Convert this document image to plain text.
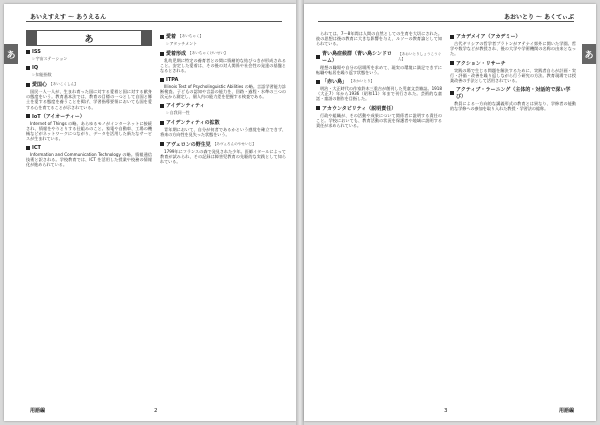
あいえすえす 〜 あうえるん
あ
あ
ISS
☞宇宙ステーション
IQ
☞知能指数
愛国心 【あいこくしん】
国民一人一人が、生まれ育った国に対する愛着と国に対する献身の態度をいう。教育基本法では、教育の目標の一つとして自国と郷土を愛する態度を養うことを掲げ、学習指導要領においても国を愛する心を育てることが示されている。
IoT（アイオーティー）
Internet of Things の略。あらゆるモノがインターネットに接続され、情報をやりとりする仕組みのこと。家電や自動車、工場の機械などがネットワークにつながり、データを活用した新たなサービスが生まれている。
ICT
Information and Communication Technology の略。情報通信技術と訳される。学校教育では、ICT を活用した授業や校務の情報化が進められている。
愛着 【あいちゃく】
☞アタッチメント
愛着形成 【あいちゃくけいせい】
乳幼児期に特定の養育者との間に情緒的な結びつきが形成されること。安定した愛着は、その後の対人関係や社会性の発達の基盤となるとされる。
ITPA
Illinois Test of Psycholinguistic Abilities の略。言語学習能力診断検査。子どもの認知や言語の能力を、回路・過程・水準の三つの次元から測定し、個人内の能力差を把握する検査である。
アイデンティティ
☞自我同一性
アイデンティティの拡散
青年期において、自分が何者であるかという感覚を確立できず、将来の方向性を見失った状態をいう。
アヴェロンの野生児 【あヴぇろんのやせいじ】
1799年にフランスの森で発見された少年。医師イタールによって教育が試みられ、その記録は障害児教育の先駆的な実践として知られている。
用語編	2
あおいとり 〜 あくてぃぶ
あ
られては。7〜8年間は人間の自然としての生育を大切にされた。彼の思想は後の教育に大きな影響を与え、ルソーの教育論として知られている。
青い鳥症候群（青い鳥シンドローム）
【あおいとりしょうこうぐん】
理想の職場や自分の居場所を求めて、現実の環境に満足できずに転職や転居を繰り返す状態をいう。
「赤い鳥」 【あかいとり】
明治・大正時代の作家鈴木三重吉が創刊した児童文芸雑誌。1918（大正7）年から1936（昭和11）年まで刊行された。芸術的な童話・童謡の創作を目指した。
アカウンタビリティ（説明責任）
行政や組織が、その活動や成果について関係者に説明する責任のこと。学校においても、教育活動の状況を保護者や地域に説明する責任が求められている。
アカデメイア（アカデミー）
古代ギリシアの哲学者プラトンがアテナイ郊外に開いた学園。哲学や数学などが教授され、後の大学や学術機関の名称の由来となった。
アクション・リサーチ
実践の場で生じる問題を解決するために、実践者自らが計画・実行・評価・改善を繰り返しながら行う研究の方法。教育現場では授業改善の手法として活用されている。
アクティブ・ラーニング（主体的・対話的で深い学び）
教員による一方向的な講義形式の教育とは異なり、学修者の能動的な学修への参加を取り入れた教授・学習法の総称。
用語編
3
